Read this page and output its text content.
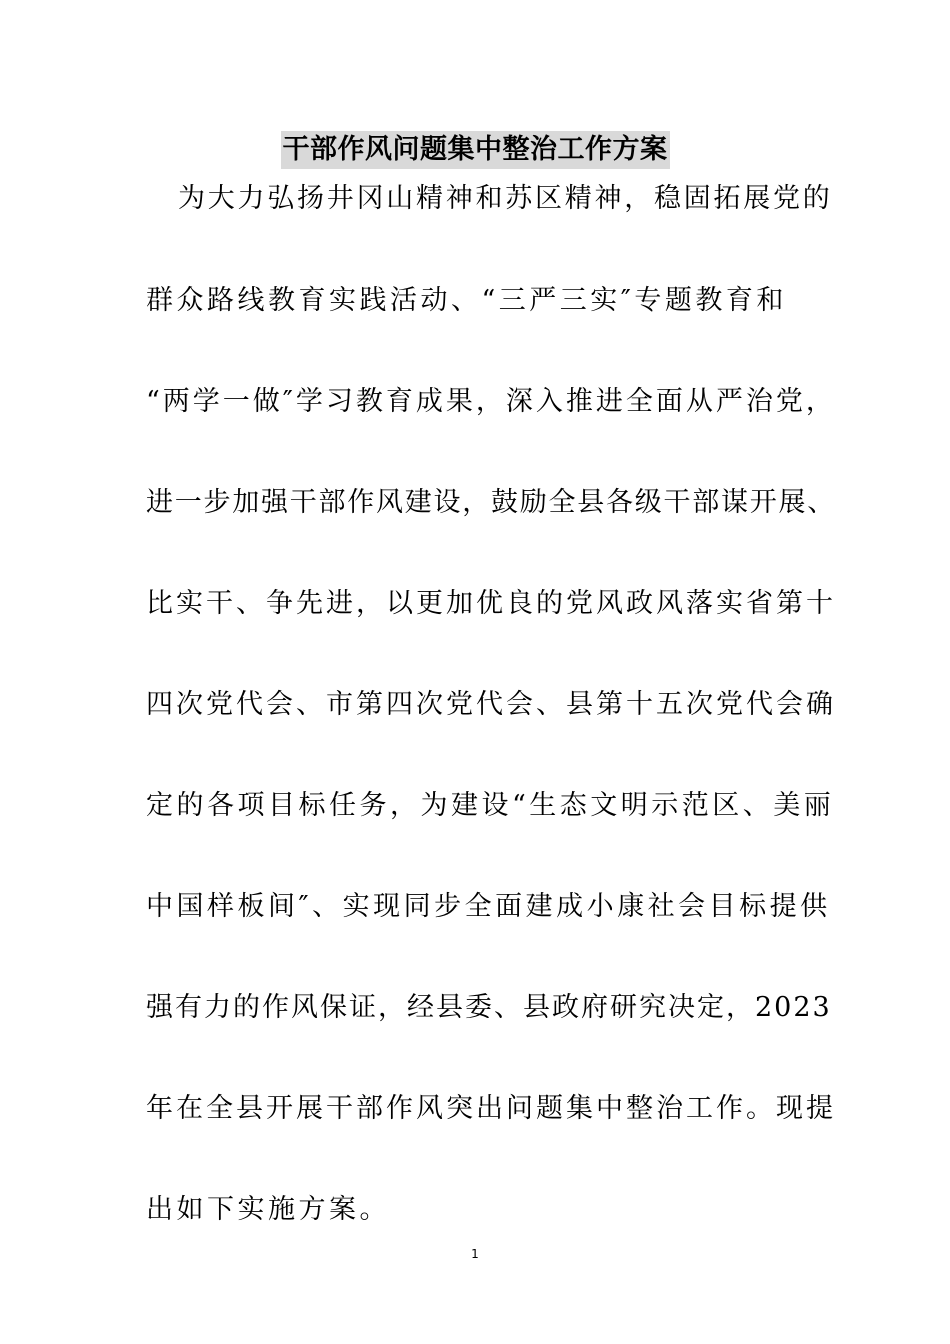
干部作风问题集中整治工作方案
为大力弘扬井冈山精神和苏区精神，稳固拓展党的
群众路线教育实践活动、“三严三实″专题教育和
“两学一做″学习教育成果，深入推进全面从严治党，
进一步加强干部作风建设，鼓励全县各级干部谋开展、
比实干、争先进，以更加优良的党风政风落实省第十
四次党代会、市第四次党代会、县第十五次党代会确
定的各项目标任务，为建设“生态文明示范区、美丽
中国样板间″、实现同步全面建成小康社会目标提供
强有力的作风保证，经县委、县政府研究决定，2023
年在全县开展干部作风突出问题集中整治工作。现提
出如下实施方案。
1
